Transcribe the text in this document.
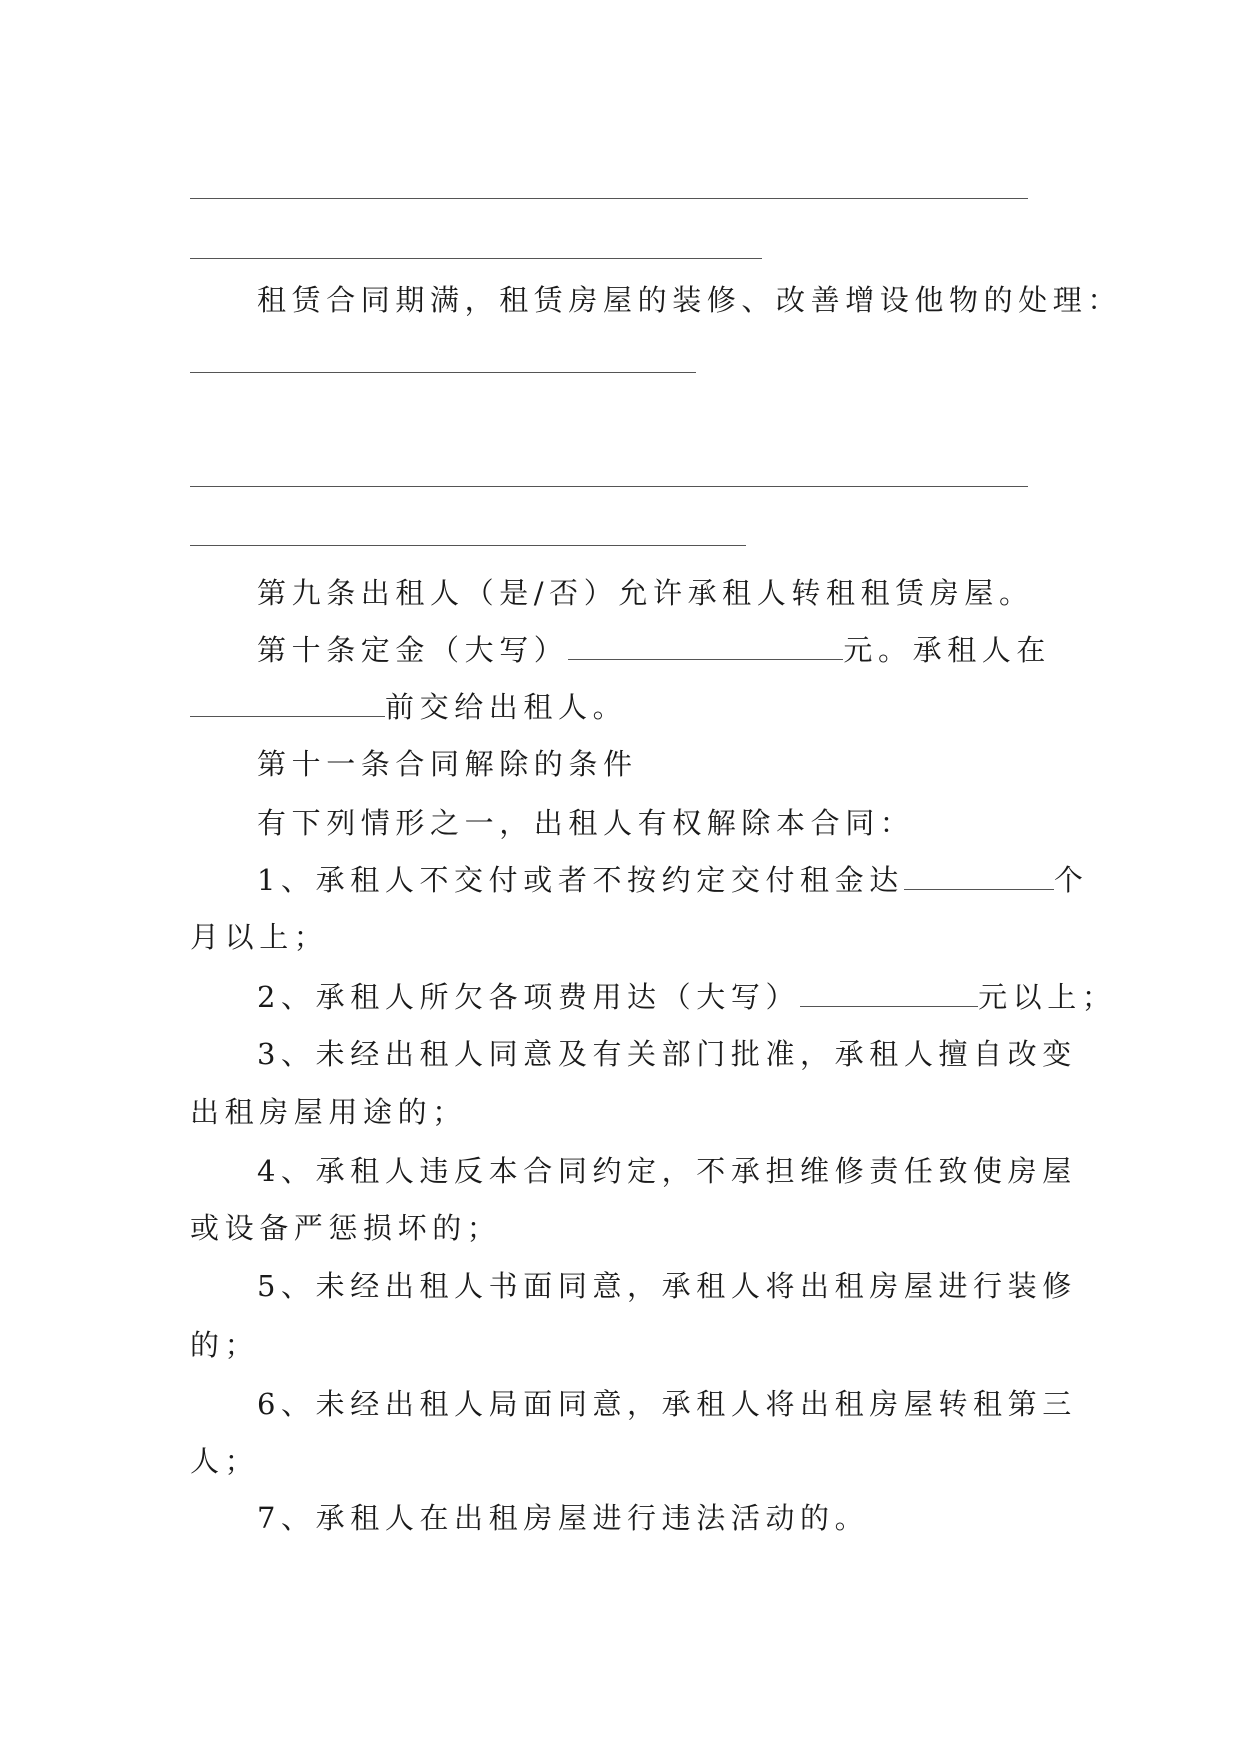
租赁合同期满，租赁房屋的装修、改善增设他物的处理：
第九条出租人（是/否）允许承租人转租租赁房屋。
第十条定金（大写）	元。承租人在
前交给出租人。
第十一条合同解除的条件
有下列情形之一，出租人有权解除本合同：
1、承租人不交付或者不按约定交付租金达	个
月以上；
2、承租人所欠各项费用达（大写）	元以上；
3、未经出租人同意及有关部门批准，承租人擅自改变
出租房屋用途的；
4、承租人违反本合同约定，不承担维修责任致使房屋
或设备严惩损坏的；
5、未经出租人书面同意，承租人将出租房屋进行装修
的；
6、未经出租人局面同意，承租人将出租房屋转租第三
人；
7、承租人在出租房屋进行违法活动的。
